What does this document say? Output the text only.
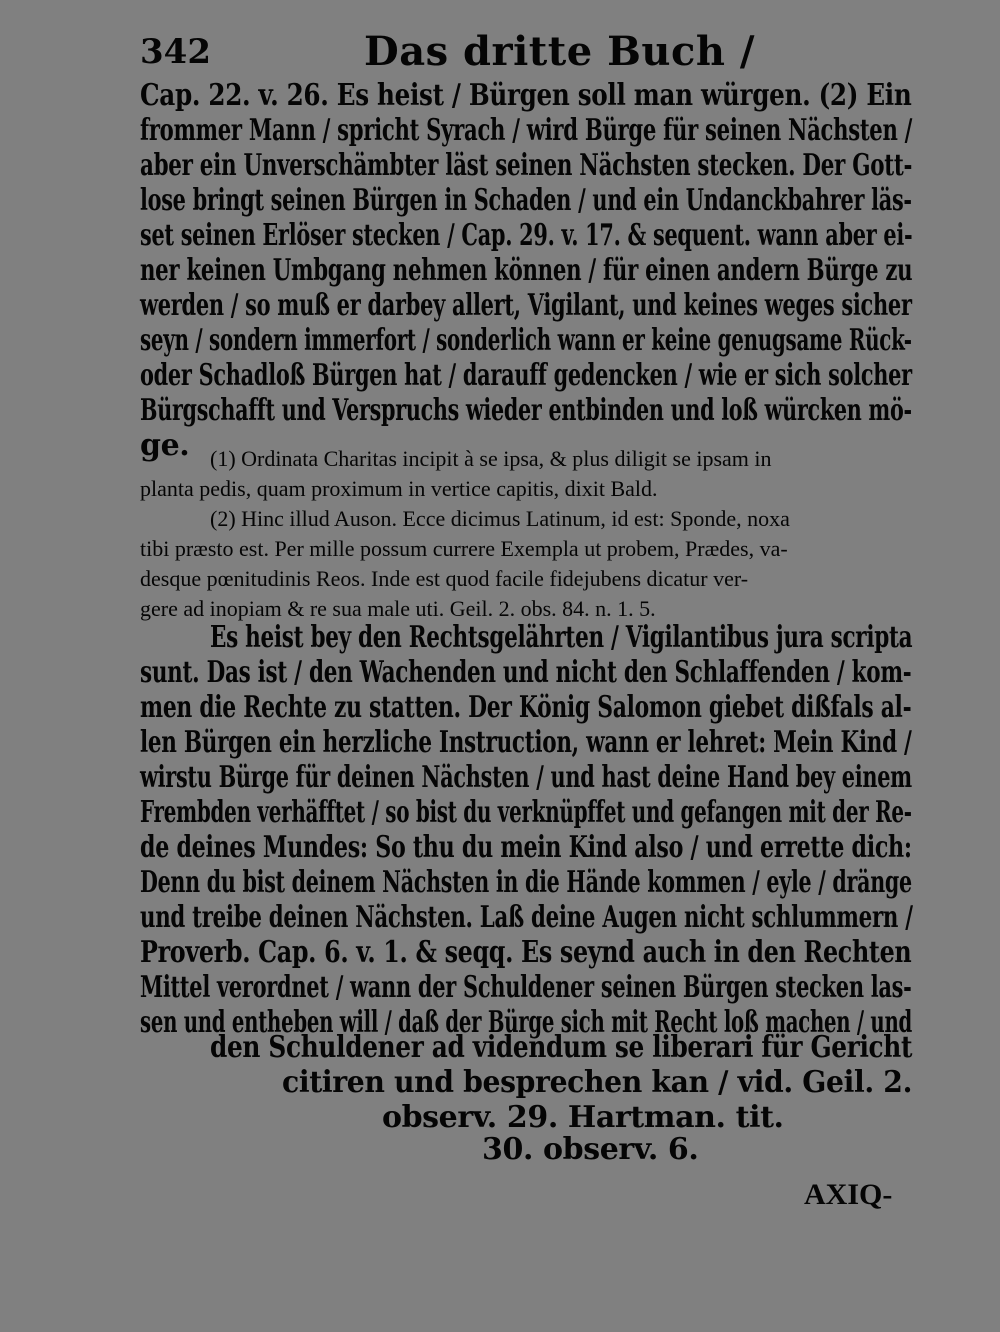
342	Das dritte Buch /
Cap. 22. v. 26. Es heist / Bürgen soll man würgen. (2) Ein
frommer Mann / spricht Syrach / wird Bürge für seinen Nächsten /
aber ein Unverschämbter läst seinen Nächsten stecken. Der Gott-
lose bringt seinen Bürgen in Schaden / und ein Undanckbahrer läs-
set seinen Erlöser stecken / Cap. 29. v. 17. & sequent. wann aber ei-
ner keinen Umbgang nehmen können / für einen andern Bürge zu
werden / so muß er darbey allert, Vigilant, und keines weges sicher
seyn / sondern immerfort / sonderlich wann er keine genugsame Rück-
oder Schadloß Bürgen hat / darauff gedencken / wie er sich solcher
Bürgschafft und Verspruchs wieder entbinden und loß würcken mö-
ge. (1) Ordinata Charitas incipit à se ipsa, & plus diligit se ipsam in
planta pedis, quam proximum in vertice capitis, dixit Bald.
(2) Hinc illud Auson. Ecce dicimus Latinum, id est: Sponde, noxa
tibi præsto est. Per mille possum currere Exempla ut probem, Prædes, va-
desque pœnitudinis Reos. Inde est quod facile fidejubens dicatur ver-
gere ad inopiam & re sua male uti. Geil. 2. obs. 84. n. 1. 5.
Es heist bey den Rechtsgelährten / Vigilantibus jura scripta
sunt. Das ist / den Wachenden und nicht den Schlaffenden / kom-
men die Rechte zu statten. Der König Salomon giebet dißfals al-
len Bürgen ein herzliche Instruction, wann er lehret: Mein Kind /
wirstu Bürge für deinen Nächsten / und hast deine Hand bey einem
Frembden verhäfftet / so bist du verknüpffet und gefangen mit der Re-
de deines Mundes: So thu du mein Kind also / und errette dich:
Denn du bist deinem Nächsten in die Hände kommen / eyle / dränge
und treibe deinen Nächsten. Laß deine Augen nicht schlummern /
Proverb. Cap. 6. v. 1. & seqq. Es seynd auch in den Rechten
Mittel verordnet / wann der Schuldener seinen Bürgen stecken las-
sen und entheben will / daß der Bürge sich mit Recht loß machen / und
den Schuldener ad videndum se liberari für Gericht
citiren und besprechen kan / vid. Geil. 2.
observ. 29. Hartman. tit.
30. observ. 6.
AXIQ-
